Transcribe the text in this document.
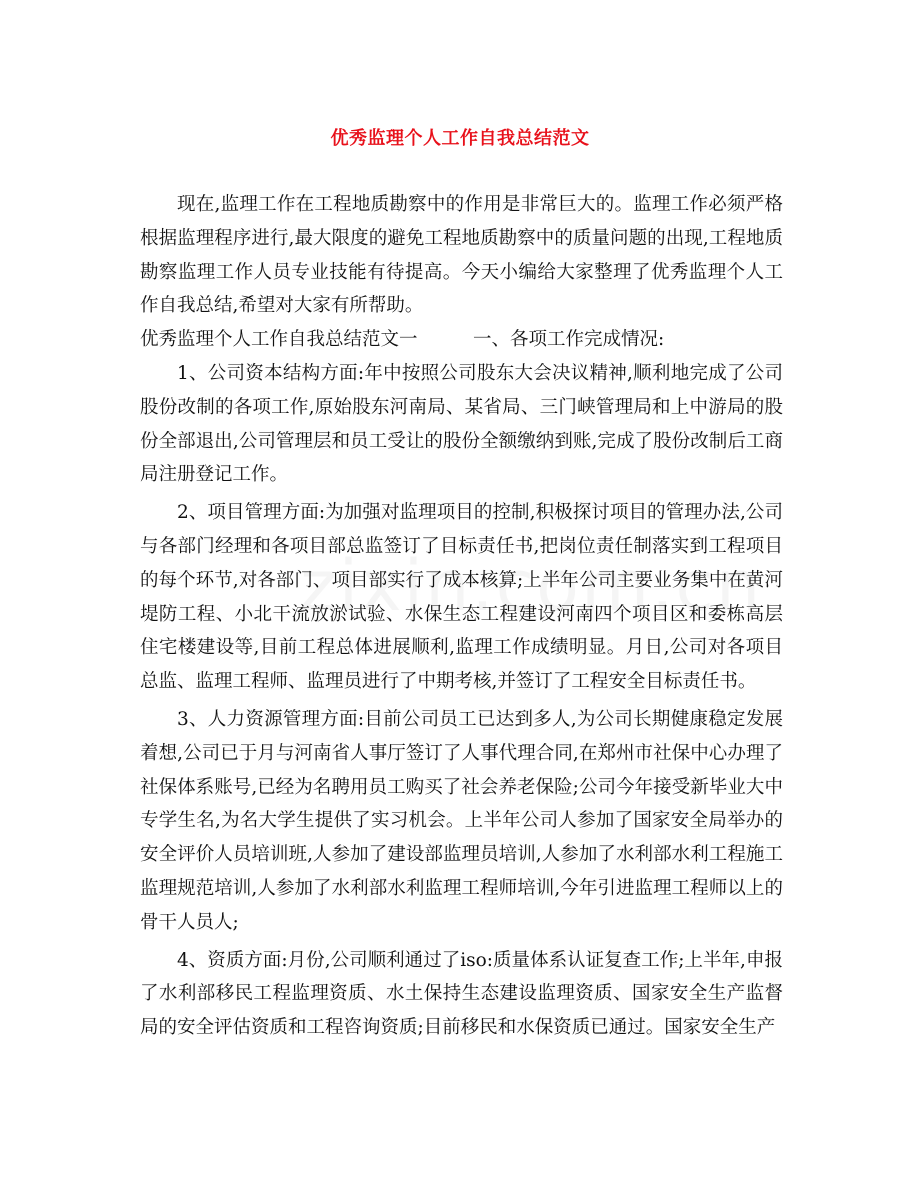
优秀监理个人工作自我总结范文

现在,监理工作在工程地质勘察中的作用是非常巨大的。监理工作必须严格根据监理程序进行,最大限度的避免工程地质勘察中的质量问题的出现,工程地质勘察监理工作人员专业技能有待提高。今天小编给大家整理了优秀监理个人工作自我总结,希望对大家有所帮助。

优秀监理个人工作自我总结范文一　　　一、各项工作完成情况:

1、公司资本结构方面:年中按照公司股东大会决议精神,顺利地完成了公司股份改制的各项工作,原始股东河南局、某省局、三门峡管理局和上中游局的股份全部退出,公司管理层和员工受让的股份全额缴纳到账,完成了股份改制后工商局注册登记工作。

2、项目管理方面:为加强对监理项目的控制,积极探讨项目的管理办法,公司与各部门经理和各项目部总监签订了目标责任书,把岗位责任制落实到工程项目的每个环节,对各部门、项目部实行了成本核算;上半年公司主要业务集中在黄河堤防工程、小北干流放淤试验、水保生态工程建设河南四个项目区和委栋高层住宅楼建设等,目前工程总体进展顺利,监理工作成绩明显。月日,公司对各项目总监、监理工程师、监理员进行了中期考核,并签订了工程安全目标责任书。

3、人力资源管理方面:目前公司员工已达到多人,为公司长期健康稳定发展着想,公司已于月与河南省人事厅签订了人事代理合同,在郑州市社保中心办理了社保体系账号,已经为名聘用员工购买了社会养老保险;公司今年接受新毕业大中专学生名,为名大学生提供了实习机会。上半年公司人参加了国家安全局举办的安全评价人员培训班,人参加了建设部监理员培训,人参加了水利部水利工程施工监理规范培训,人参加了水利部水利监理工程师培训,今年引进监理工程师以上的骨干人员人;

4、资质方面:月份,公司顺利通过了iso:质量体系认证复查工作;上半年,申报了水利部移民工程监理资质、水土保持生态建设监理资质、国家安全生产监督局的安全评估资质和工程咨询资质;目前移民和水保资质已通过。国家安全生产
